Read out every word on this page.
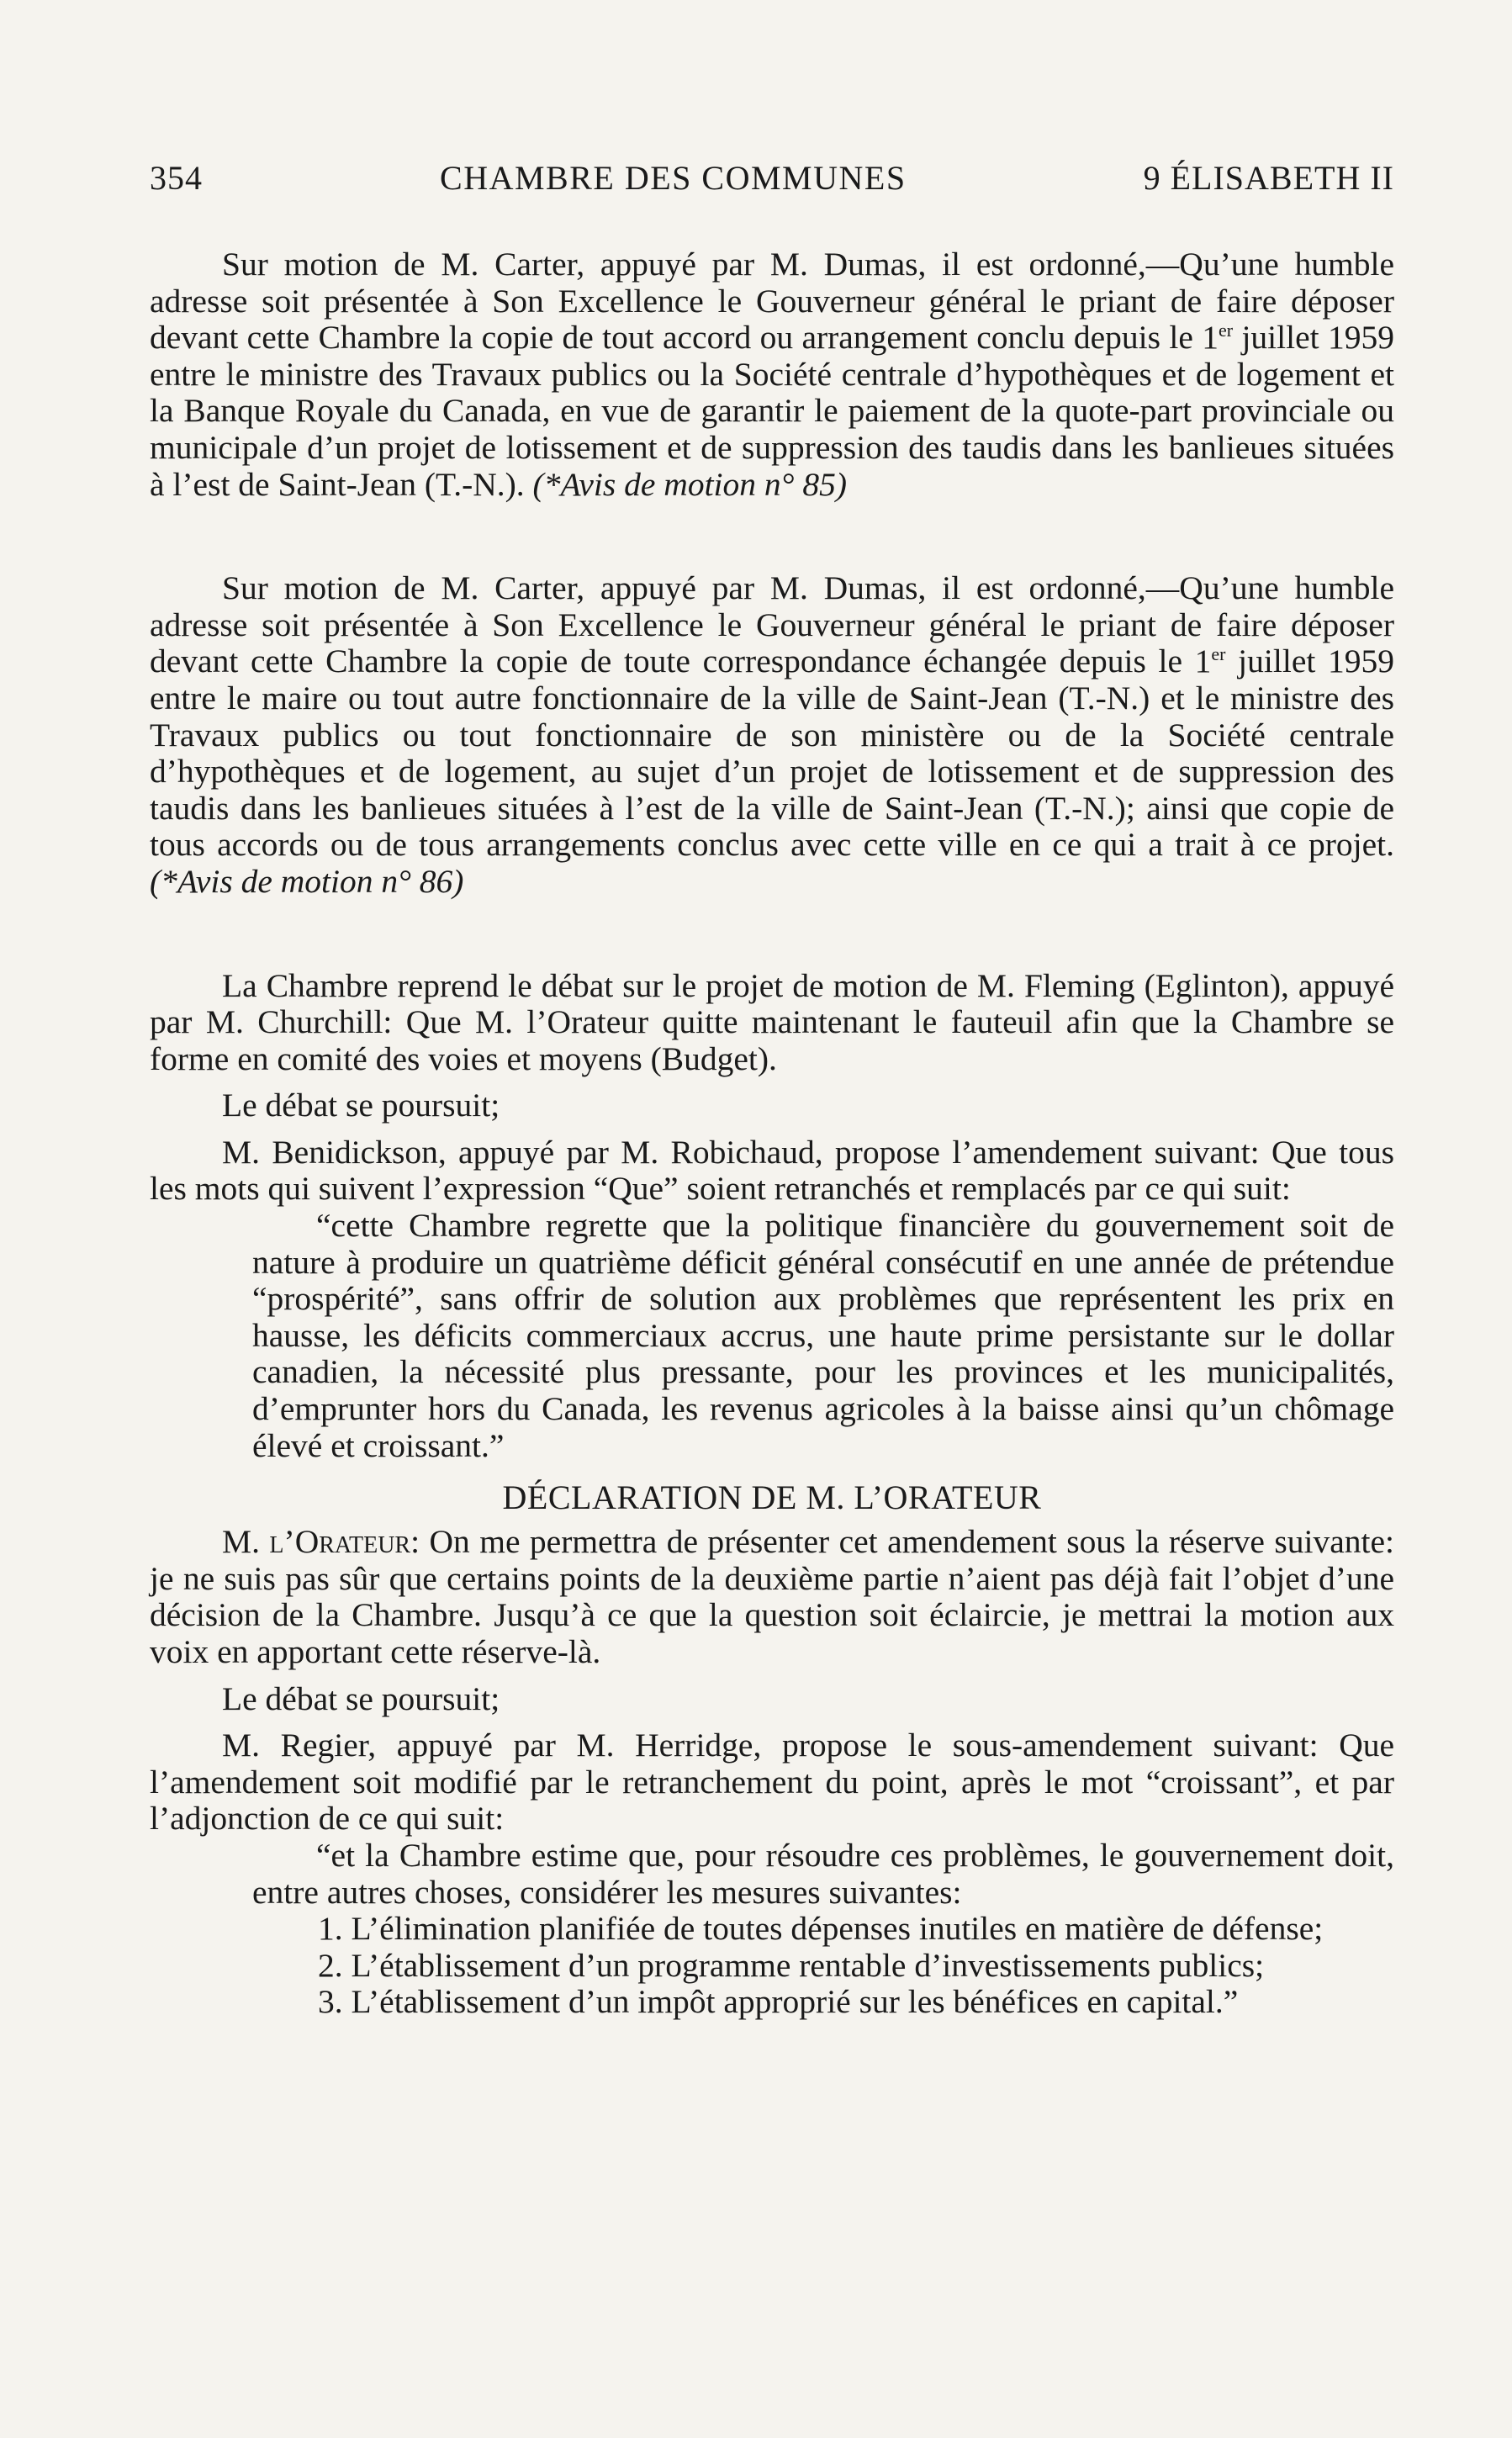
354	CHAMBRE DES COMMUNES	9 ÉLISABETH II

Sur motion de M. Carter, appuyé par M. Dumas, il est ordonné,—Qu’une humble adresse soit présentée à Son Excellence le Gouverneur général le priant de faire déposer devant cette Chambre la copie de tout accord ou arrangement conclu depuis le 1er juillet 1959 entre le ministre des Travaux publics ou la Société centrale d’hypothèques et de logement et la Banque Royale du Canada, en vue de garantir le paiement de la quote-part provinciale ou municipale d’un projet de lotissement et de suppression des taudis dans les banlieues situées à l’est de Saint-Jean (T.-N.). (*Avis de motion n° 85)

Sur motion de M. Carter, appuyé par M. Dumas, il est ordonné,—Qu’une humble adresse soit présentée à Son Excellence le Gouverneur général le priant de faire déposer devant cette Chambre la copie de toute correspondance échangée depuis le 1er juillet 1959 entre le maire ou tout autre fonctionnaire de la ville de Saint-Jean (T.-N.) et le ministre des Travaux publics ou tout fonctionnaire de son ministère ou de la Société centrale d’hypothèques et de logement, au sujet d’un projet de lotissement et de suppression des taudis dans les banlieues situées à l’est de la ville de Saint-Jean (T.-N.); ainsi que copie de tous accords ou de tous arrangements conclus avec cette ville en ce qui a trait à ce projet. (*Avis de motion n° 86)

La Chambre reprend le débat sur le projet de motion de M. Fleming (Eglinton), appuyé par M. Churchill: Que M. l’Orateur quitte maintenant le fauteuil afin que la Chambre se forme en comité des voies et moyens (Budget).

Le débat se poursuit;

M. Benidickson, appuyé par M. Robichaud, propose l’amendement suivant: Que tous les mots qui suivent l’expression “Que” soient retranchés et remplacés par ce qui suit:

“cette Chambre regrette que la politique financière du gouvernement soit de nature à produire un quatrième déficit général consécutif en une année de prétendue “prospérité”, sans offrir de solution aux problèmes que représentent les prix en hausse, les déficits commerciaux accrus, une haute prime persistante sur le dollar canadien, la nécessité plus pressante, pour les provinces et les municipalités, d’emprunter hors du Canada, les revenus agricoles à la baisse ainsi qu’un chômage élevé et croissant.”

DÉCLARATION DE M. L’ORATEUR

M. l’Orateur: On me permettra de présenter cet amendement sous la réserve suivante: je ne suis pas sûr que certains points de la deuxième partie n’aient pas déjà fait l’objet d’une décision de la Chambre. Jusqu’à ce que la question soit éclaircie, je mettrai la motion aux voix en apportant cette réserve-là.

Le débat se poursuit;

M. Regier, appuyé par M. Herridge, propose le sous-amendement suivant: Que l’amendement soit modifié par le retranchement du point, après le mot “croissant”, et par l’adjonction de ce qui suit:

“et la Chambre estime que, pour résoudre ces problèmes, le gouvernement doit, entre autres choses, considérer les mesures suivantes:

1. L’élimination planifiée de toutes dépenses inutiles en matière de défense;

2. L’établissement d’un programme rentable d’investissements publics;

3. L’établissement d’un impôt approprié sur les bénéfices en capital.”
